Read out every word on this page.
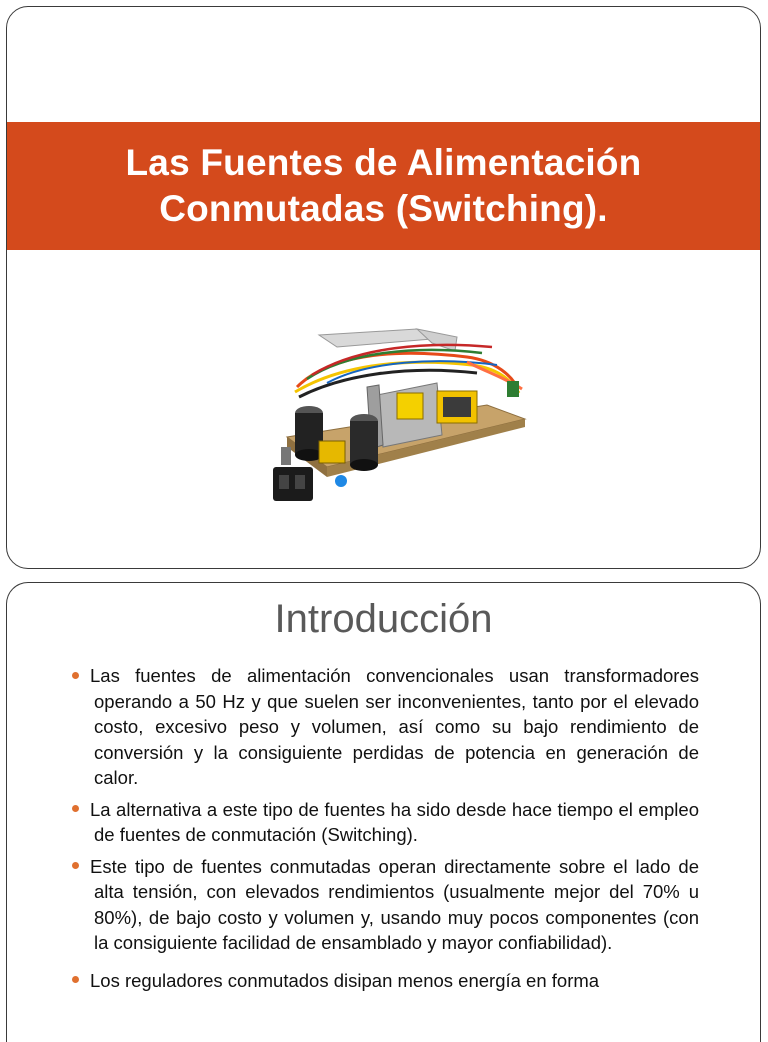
Las Fuentes de Alimentación
Conmutadas (Switching).
Introducción
Las fuentes de alimentación convencionales usan transformadores operando a 50 Hz y que suelen ser inconvenientes, tanto por el elevado costo, excesivo peso y volumen, así como su bajo rendimiento de conversión y la consiguiente perdidas de potencia en generación de calor.
La alternativa a este tipo de fuentes ha sido desde hace tiempo el empleo de fuentes de conmutación (Switching).
Este tipo de fuentes conmutadas operan directamente sobre el lado de alta tensión, con elevados rendimientos (usualmente mejor del 70% u 80%), de bajo costo y volumen y, usando muy pocos componentes (con la consiguiente facilidad de ensamblado y mayor confiabilidad).
Los reguladores conmutados disipan menos energía en forma
